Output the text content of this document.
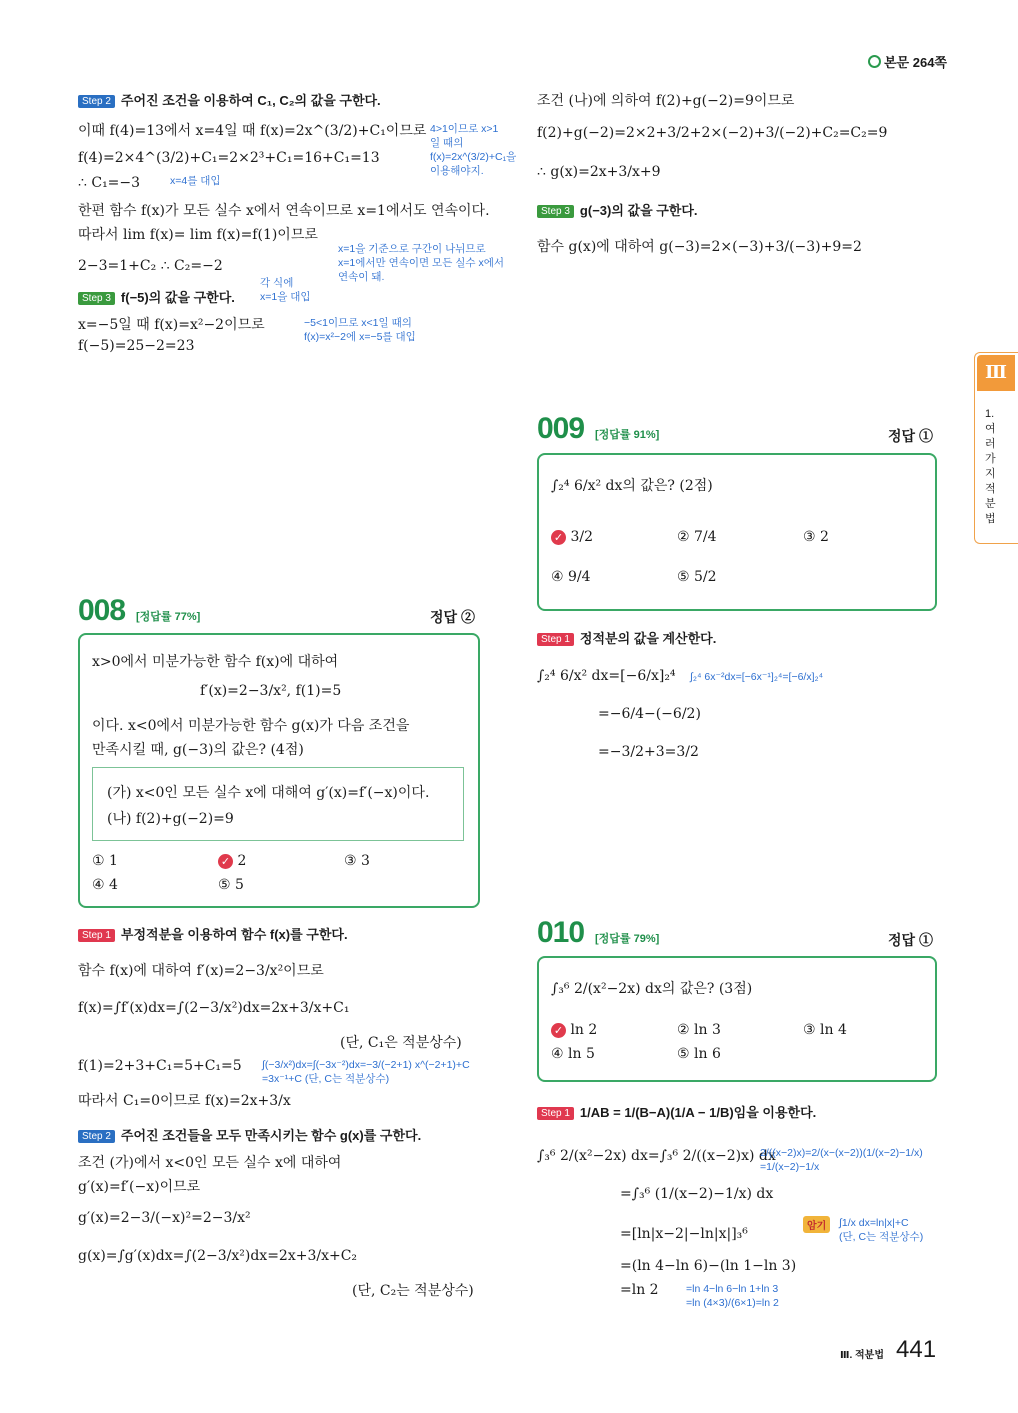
본문 264쪽
Step 2 주어진 조건을 이용하여 C₁, C₂의 값을 구한다.
이때 f(4)=13에서 x=4일 때 f(x)=2x^(3/2)+C₁이므로 4>1이므로 x>1
일 때의
f(x)=2x^(3/2)+C₁을
이용해야지.
f(4)=2×4^(3/2)+C₁=2×2³+C₁=16+C₁=13
∴ C₁=−3	x=4를 대입
한편 함수 f(x)가 모든 실수 x에서 연속이므로 x=1에서도 연속이다.
따라서 lim f(x)= lim f(x)=f(1)이므로
x=1을 기준으로 구간이 나뉘므로
x=1에서만 연속이면 모든 실수 x에서
연속이 돼.
2−3=1+C₂ ∴ C₂=−2
각 식에
x=1을 대입
Step 3 f(−5)의 값을 구한다.
x=−5일 때 f(x)=x²−2이므로	−5<1이므로 x<1일 때의
f(x)=x²−2에 x=−5를 대입
f(−5)=25−2=23
조건 (나)에 의하여 f(2)+g(−2)=9이므로
f(2)+g(−2)=2×2+3/2+2×(−2)+3/(−2)+C₂=C₂=9
∴ g(x)=2x+3/x+9
Step 3 g(−3)의 값을 구한다.
함수 g(x)에 대하여 g(−3)=2×(−3)+3/(−3)+9=2
Ⅲ
1. 여러 가지 적분법
009 [정답률 91%]	정답 ①
∫₂⁴ 6/x² dx의 값은? (2점)
✓ 3/2	② 7/4	③ 2
④ 9/4	⑤ 5/2
Step 1 정적분의 값을 계산한다.
∫₂⁴ 6/x² dx=[−6/x]₂⁴ ∫₂⁴ 6x⁻²dx=[−6x⁻¹]₂⁴=[−6/x]₂⁴
=−6/4−(−6/2)
=−3/2+3=3/2
008 [정답률 77%]	정답 ②
x>0에서 미분가능한 함수 f(x)에 대하여
f′(x)=2−3/x², f(1)=5
이다. x<0에서 미분가능한 함수 g(x)가 다음 조건을
만족시킬 때, g(−3)의 값은? (4점)
(가) x<0인 모든 실수 x에 대해여 g′(x)=f′(−x)이다.
(나) f(2)+g(−2)=9
① 1	✓ 2	③ 3
④ 4	⑤ 5
Step 1 부정적분을 이용하여 함수 f(x)를 구한다.
함수 f(x)에 대하여 f′(x)=2−3/x²이므로
f(x)=∫f′(x)dx=∫(2−3/x²)dx=2x+3/x+C₁
(단, C₁은 적분상수)
f(1)=2+3+C₁=5+C₁=5 ∫(−3/x²)dx=∫(−3x⁻²)dx=−3/(−2+1) x^(−2+1)+C
=3x⁻¹+C (단, C는 적분상수)
따라서 C₁=0이므로 f(x)=2x+3/x
Step 2 주어진 조건들을 모두 만족시키는 함수 g(x)를 구한다.
조건 (가)에서 x<0인 모든 실수 x에 대하여
g′(x)=f′(−x)이므로
g′(x)=2−3/(−x)²=2−3/x²
g(x)=∫g′(x)dx=∫(2−3/x²)dx=2x+3/x+C₂
(단, C₂는 적분상수)
010 [정답률 79%]	정답 ①
∫₃⁶ 2/(x²−2x) dx의 값은? (3점)
✓ ln 2	② ln 3	③ ln 4
④ ln 5	⑤ ln 6
Step 1 1/AB = 1/(B−A)(1/A − 1/B)임을 이용한다.
∫₃⁶ 2/(x²−2x) dx=∫₃⁶ 2/((x−2)x) dx
2/((x−2)x)=2/(x−(x−2))(1/(x−2)−1/x)
=1/(x−2)−1/x
=∫₃⁶ (1/(x−2)−1/x) dx
=[ln|x−2|−ln|x|]₃⁶	암기 ∫1/x dx=ln|x|+C
(단, C는 적분상수)
=(ln 4−ln 6)−(ln 1−ln 3)
=ln 2	=ln 4−ln 6−ln 1+ln 3
=ln (4×3)/(6×1)=ln 2
Ⅲ. 적분법 441
